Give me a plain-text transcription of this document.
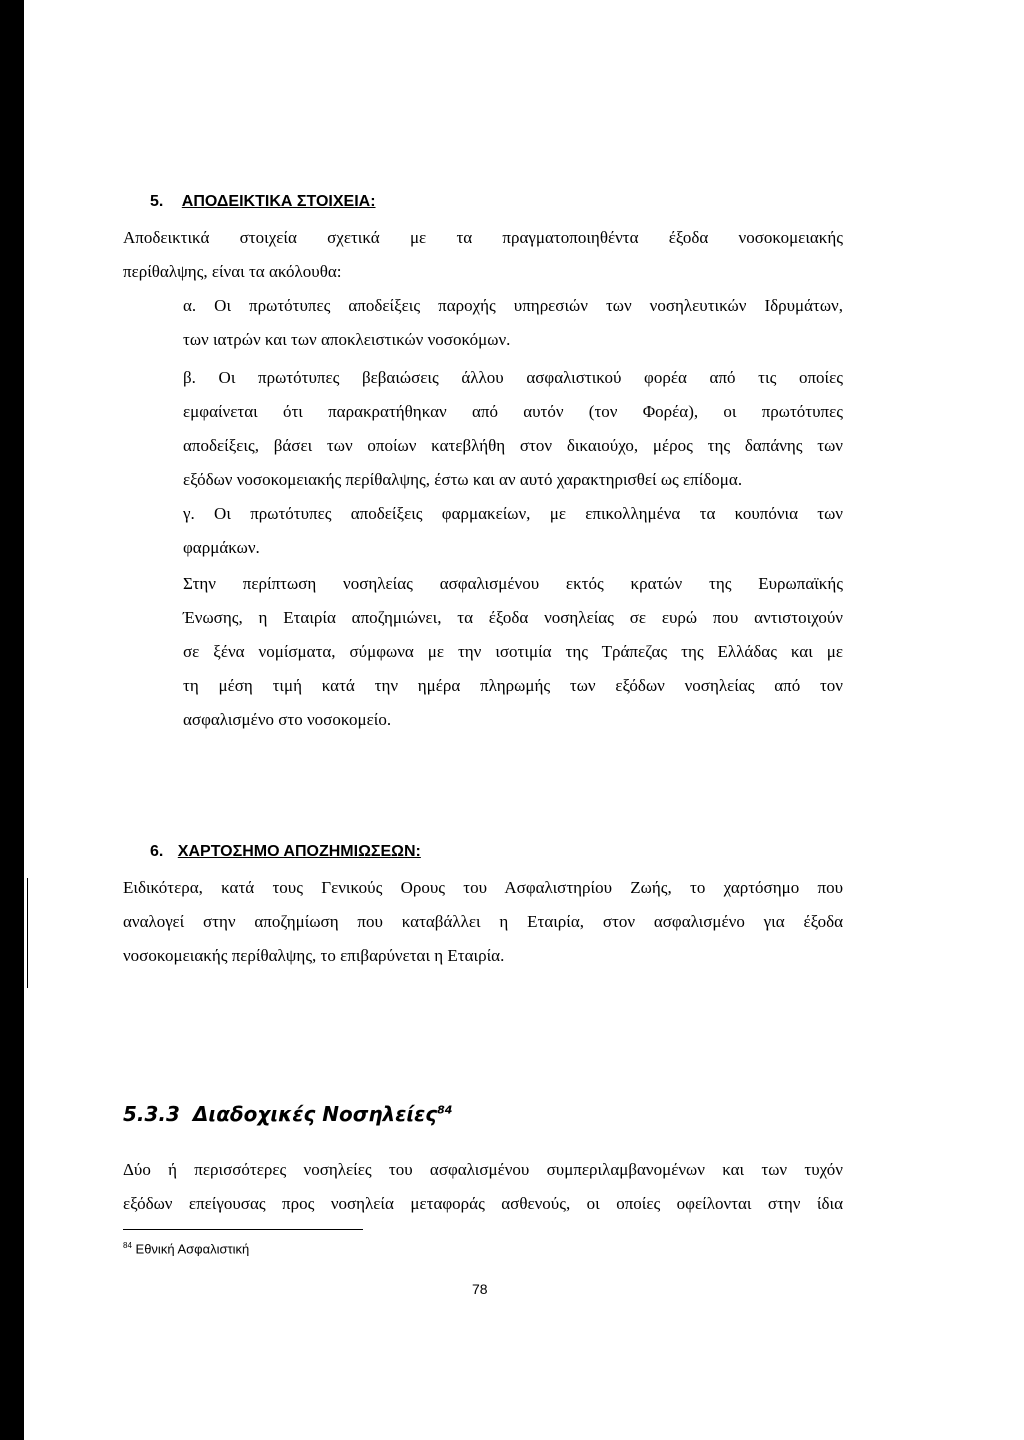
5. ΑΠΟΔΕΙΚΤΙΚΑ ΣΤΟΙΧΕΙΑ:
Αποδεικτικά στοιχεία σχετικά με τα πραγματοποιηθέντα έξοδα νοσοκομειακής
περίθαλψης, είναι τα ακόλουθα:
α. Οι πρωτότυπες αποδείξεις παροχής υπηρεσιών των νοσηλευτικών Ιδρυμάτων,
των ιατρών και των αποκλειστικών νοσοκόμων.
β. Οι πρωτότυπες βεβαιώσεις άλλου ασφαλιστικού φορέα από τις οποίες
εμφαίνεται ότι παρακρατήθηκαν από αυτόν (τον Φορέα), οι πρωτότυπες
αποδείξεις, βάσει των οποίων κατεβλήθη στον δικαιούχο, μέρος της δαπάνης των
εξόδων νοσοκομειακής περίθαλψης, έστω και αν αυτό χαρακτηρισθεί ως επίδομα.
γ. Οι πρωτότυπες αποδείξεις φαρμακείων, με επικολλημένα τα κουπόνια των
φαρμάκων.
Στην περίπτωση νοσηλείας ασφαλισμένου εκτός κρατών της Ευρωπαϊκής
Ένωσης, η Εταιρία αποζημιώνει, τα έξοδα νοσηλείας σε ευρώ που αντιστοιχούν
σε ξένα νομίσματα, σύμφωνα με την ισοτιμία της Τράπεζας της Ελλάδας και με
τη μέση τιμή κατά την ημέρα πληρωμής των εξόδων νοσηλείας από τον
ασφαλισμένο στο νοσοκομείο.
6. ΧΑΡΤΟΣΗΜΟ ΑΠΟΖΗΜΙΩΣΕΩΝ:
Ειδικότερα, κατά τους Γενικούς Ορους του Ασφαλιστηρίου Ζωής, το χαρτόσημο που
αναλογεί στην αποζημίωση που καταβάλλει η Εταιρία, στον ασφαλισμένο για έξοδα
νοσοκομειακής περίθαλψης, το επιβαρύνεται η Εταιρία.
5.3.3 Διαδοχικές Νοσηλείες$^{84}$
Δύο ή περισσότερες νοσηλείες του ασφαλισμένου συμπεριλαμβανομένων και των τυχόν
εξόδων επείγουσας προς νοσηλεία μεταφοράς ασθενούς, οι οποίες οφείλονται στην ίδια
$^{84}$ Εθνική Ασφαλιστική
78
